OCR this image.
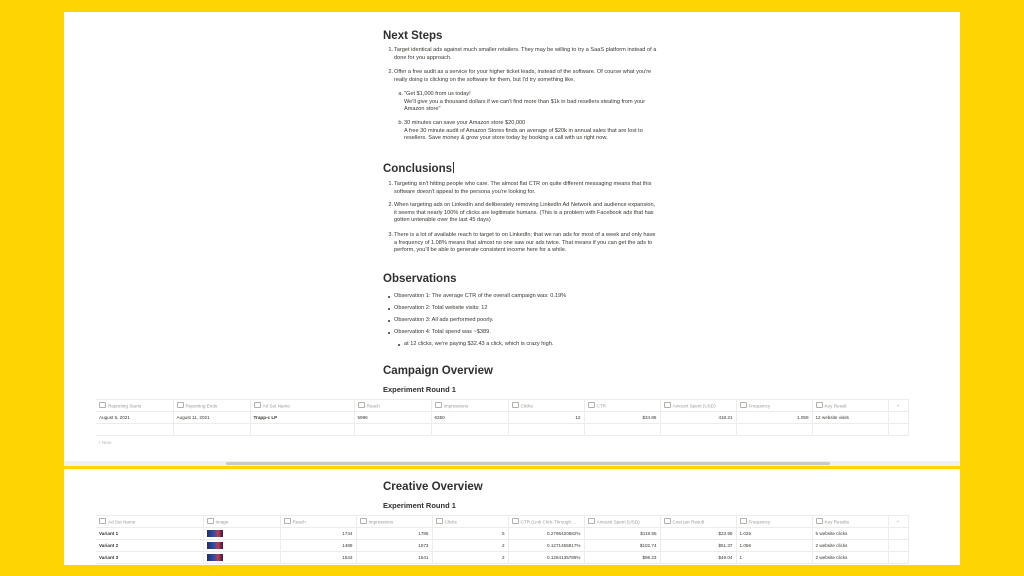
Next Steps
1. Target identical ads against much smaller retailers. They may be willing to try a SaaS platform instead of a done for you approach.
2. Offer a free audit as a service for your higher ticket leads, instead of the software. Of course what you're really doing is clicking on the software for them, but I'd try something like,
a. "Get $1,000 from us today!
We'll give you a thousand dollars if we can't find more than $1k in bad resellers stealing from your Amazon store"
b. 30 minutes can save your Amazon store $20,000
A free 30 minute audit of Amazon Stores finds an average of $20k in annual sales that are lost to resellers. Save money & grow your store today by booking a call with us right now.
Conclusions
1. Targeting isn't hitting people who care. The almost flat CTR on quite different messaging means that this software doesn't appeal to the persona you're looking for.
2. When targeting ads on LinkedIn and deliberately removing LinkedIn Ad Network and audience expansion, it seems that nearly 100% of clicks are legitimate humans. (This is a problem with Facebook ads that has gotten untenable over the last 45 days)
3. There is a lot of available reach to target to on LinkedIn; that we ran ads for most of a week and only have a frequency of 1.08% means that almost no one saw our ads twice. That means if you can get the ads to perform, you'll be able to generate consistent income here for a while.
Observations
Observation 1: The average CTR of the overall campaign was: 0.19%
Observation 2: Total website visits: 12
Observation 3: All ads performed poorly.
Observation 4: Total spend was ~$389.
at 12 clicks, we're paying $32.43 a click, which is crazy high.
Campaign Overview
Experiment Round 1
Creative Overview
Experiment Round 1
Reporting Starts	Reporting Ends	Ad Set Name	Reach	Impressions	Clicks	CTR	Amount Spent (USD)	Frequency	Key Result	+
August 5, 2021	August 11, 2021	Trapp-c LP	5996	6350	12	$34.85	418.21	1.059	12 website visits	

+ New
Ad Set Name	Image	Reach	Impressions	Clicks	CTR (Link Click-Through ...	Amount Spent (USD)	Cost per Result	Frequency	Key Results	+
Variant 1		1744	1786	5	0.2796420582%	$119.95	$23.99	1.025	5 website clicks	
Variant 2		1489	1573	2	0.1271455817%	$102.74	$51.37	1.056	2 website clicks	
Variant 3		1543	1541	2	0.1284135788%	$98.23	$49.04	1	2 website clicks	
